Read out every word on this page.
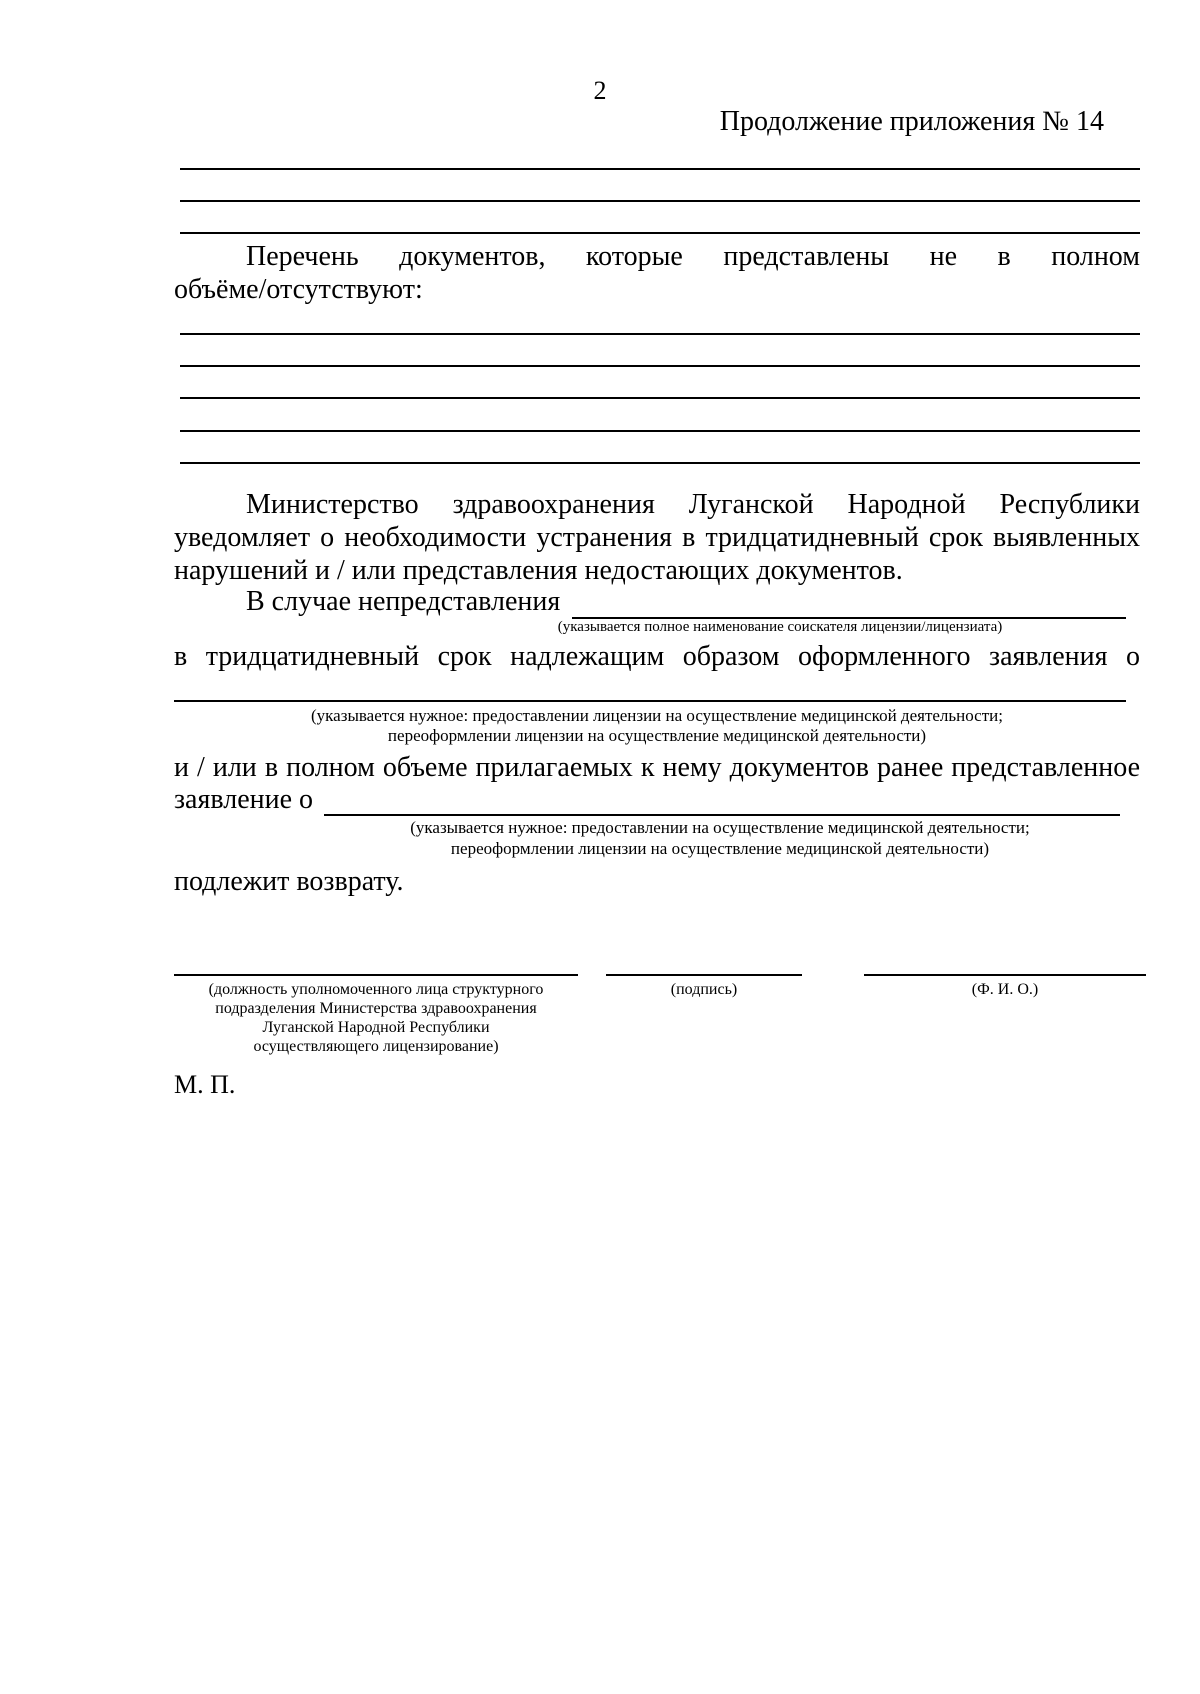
2
Продолжение приложения № 14
Перечень документов, которые представлены не в полном
объёме/отсутствуют:
Министерство здравоохранения Луганской Народной Республики
уведомляет о необходимости устранения в тридцатидневный срок выявленных
нарушений и / или представления недостающих документов.
В случае непредставления
(указывается полное наименование соискателя лицензии/лицензиата)
в тридцатидневный срок надлежащим образом оформленного заявления о
(указывается нужное: предоставлении лицензии на осуществление медицинской деятельности;
переоформлении лицензии на осуществление медицинской деятельности)
и / или в полном объеме прилагаемых к нему документов ранее представленное
заявление о
(указывается нужное: предоставлении на осуществление медицинской деятельности;
переоформлении лицензии на осуществление медицинской деятельности)
подлежит возврату.
(должность уполномоченного лица структурного
подразделения Министерства здравоохранения
Луганской Народной Республики
осуществляющего лицензирование)
(подпись)	(Ф. И. О.)
М. П.
